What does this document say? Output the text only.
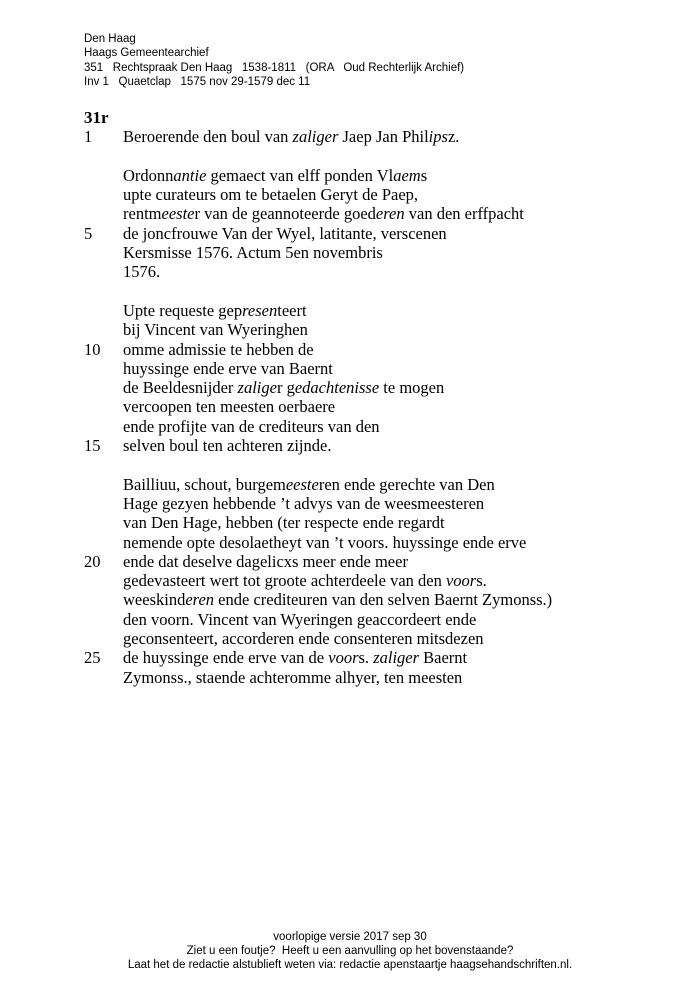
Den Haag
Haags Gemeentearchief
351   Rechtspraak Den Haag   1538-1811   (ORA   Oud Rechterlijk Archief)
Inv 1   Quaetclap   1575 nov 29-1579 dec 11
31r
1 Beroerende den boul van zaliger Jaep Jan Philipsz.
Ordonnantie gemaect van elff ponden Vlaems
upte curateurs om te betaelen Geryt de Paep,
rentmeester van de geannoteerde goederen van den erffpacht
5 de joncfrouwe Van der Wyel, latitante, verscenen
Kersmisse 1576. Actum 5en novembris
1576.
Upte requeste gepresenteert
bij Vincent van Wyeringhen
10 omme admissie te hebben de
huyssinge ende erve van Baernt
de Beeldesnijder zaliger gedachtenisse te mogen
vercoopen ten meesten oerbaere
ende profijte van de crediteurs van den
15 selven boul ten achteren zijnde.
Bailliuu, schout, burgemeesteren ende gerechte van Den
Hage gezyen hebbende ’t advys van de weesmeesteren
van Den Hage, hebben (ter respecte ende regardt
nemende opte desolaetheyt van ’t voors. huyssinge ende erve
20 ende dat deselve dagelicxs meer ende meer
gedevasteert wert tot groote achterdeele van den voors.
weeskinderen ende crediteuren van den selven Baernt Zymonss.)
den voorn. Vincent van Wyeringen geaccordeert ende
geconsenteert, accorderen ende consenteren mitsdezen
25 de huyssinge ende erve van de voors. zaliger Baernt
Zymonss., staende achteromme alhyer, ten meesten
voorlopige versie 2017 sep 30
Ziet u een foutje?  Heeft u een aanvulling op het bovenstaande?
Laat het de redactie alstublieft weten via: redactie apenstaartje haagsehandschriften.nl.
